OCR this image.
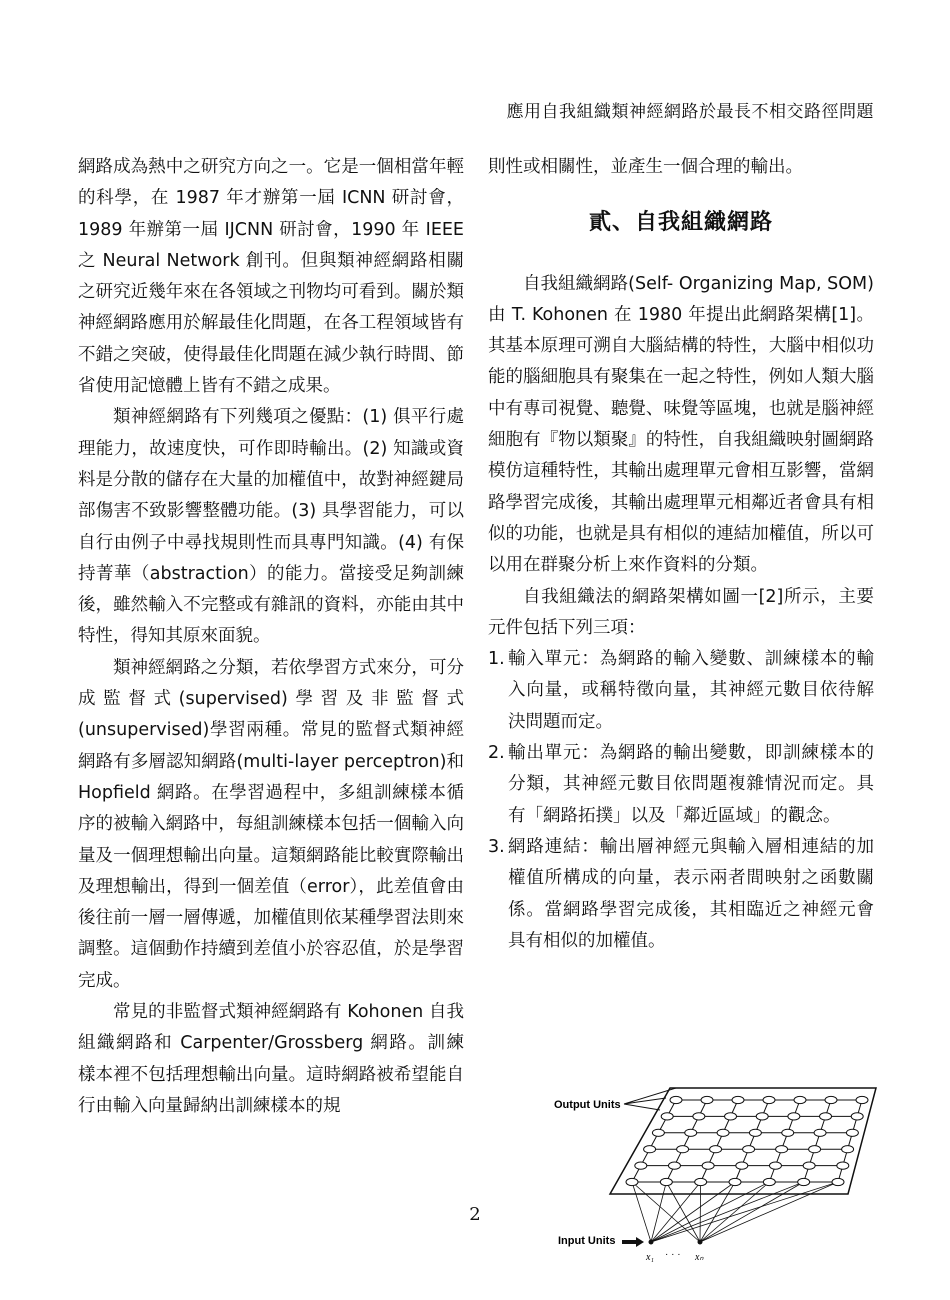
應用自我組織類神經網路於最長不相交路徑問題

網路成為熱中之研究方向之一。它是一個相當年輕的科學，在 1987 年才辦第一屆 ICNN 研討會，1989 年辦第一屆 IJCNN 研討會，1990 年 IEEE 之 Neural Network 創刊。但與類神經網路相關之研究近幾年來在各領域之刊物均可看到。關於類神經網路應用於解最佳化問題，在各工程領域皆有不錯之突破，使得最佳化問題在減少執行時間、節省使用記憶體上皆有不錯之成果。

類神經網路有下列幾項之優點：(1) 俱平行處理能力，故速度快，可作即時輸出。(2) 知識或資料是分散的儲存在大量的加權值中，故對神經鍵局部傷害不致影響整體功能。(3) 具學習能力，可以自行由例子中尋找規則性而具專門知識。(4) 有保持菁華（abstraction）的能力。當接受足夠訓練後，雖然輸入不完整或有雜訊的資料，亦能由其中特性，得知其原來面貌。

類神經網路之分類，若依學習方式來分，可分成監督式(supervised)學習及非監督式(unsupervised)學習兩種。常見的監督式類神經網路有多層認知網路(multi-layer perceptron)和 Hopfield 網路。在學習過程中，多組訓練樣本循序的被輸入網路中，每組訓練樣本包括一個輸入向量及一個理想輸出向量。這類網路能比較實際輸出及理想輸出，得到一個差值（error），此差值會由後往前一層一層傳遞，加權值則依某種學習法則來調整。這個動作持續到差值小於容忍值，於是學習完成。

常見的非監督式類神經網路有 Kohonen 自我組織網路和 Carpenter/Grossberg 網路。訓練樣本裡不包括理想輸出向量。這時網路被希望能自行由輸入向量歸納出訓練樣本的規

則性或相關性，並產生一個合理的輸出。

貳、自我組織網路

自我組織網路(Self- Organizing Map, SOM)由 T. Kohonen 在 1980 年提出此網路架構[1]。其基本原理可溯自大腦結構的特性，大腦中相似功能的腦細胞具有聚集在一起之特性，例如人類大腦中有專司視覺、聽覺、味覺等區塊，也就是腦神經細胞有『物以類聚』的特性，自我組織映射圖網路模仿這種特性，其輸出處理單元會相互影響，當網路學習完成後，其輸出處理單元相鄰近者會具有相似的功能，也就是具有相似的連結加權值，所以可以用在群聚分析上來作資料的分類。

自我組織法的網路架構如圖一[2]所示，主要元件包括下列三項：

1. 輸入單元：為網路的輸入變數、訓練樣本的輸入向量，或稱特徵向量，其神經元數目依待解決問題而定。
2. 輸出單元：為網路的輸出變數，即訓練樣本的分類，其神經元數目依問題複雜情況而定。具有「網路拓撲」以及「鄰近區域」的觀念。
3. 網路連結：輸出層神經元與輸入層相連結的加權值所構成的向量，表示兩者間映射之函數關係。當網路學習完成後，其相臨近之神經元會具有相似的加權值。
Output Units
Input Units
x₁ · · · xₙ
2
